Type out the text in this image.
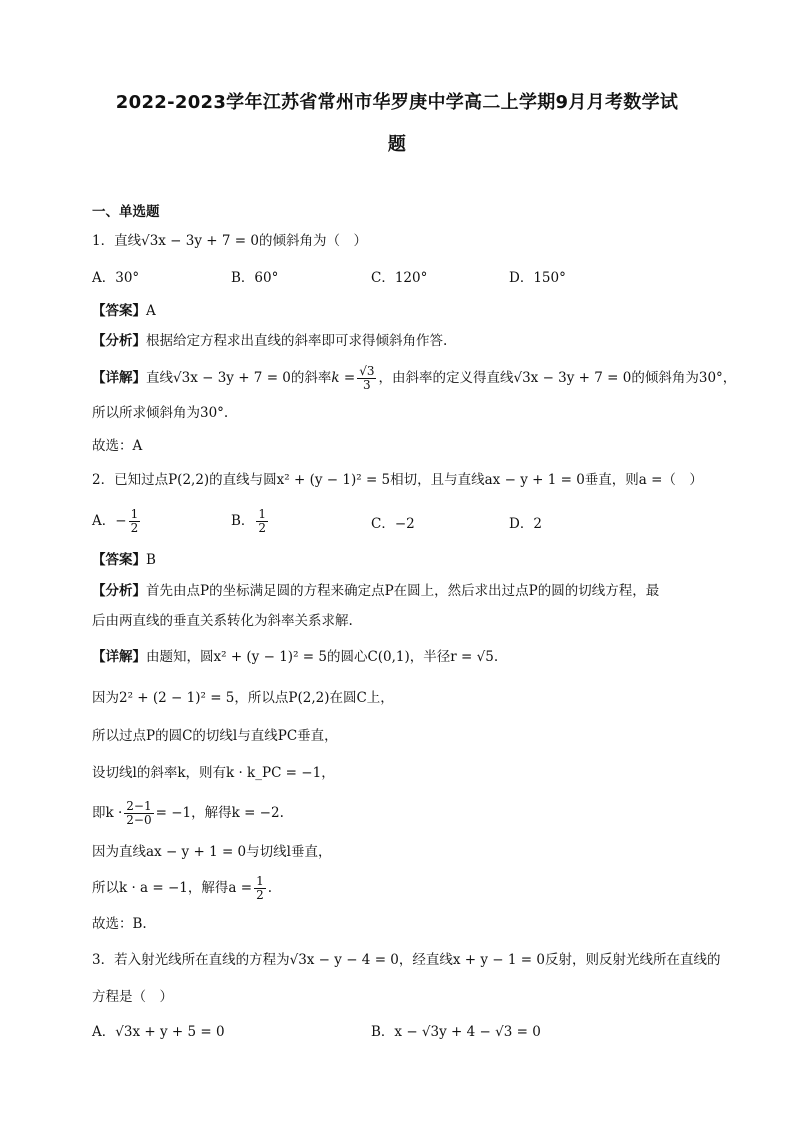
2022-2023学年江苏省常州市华罗庚中学高二上学期9月月考数学试
题
一、单选题
1．直线√3x − 3y + 7 = 0的倾斜角为（　）
A．30°	B．60°	C．120°	D．150°
【答案】A
【分析】根据给定方程求出直线的斜率即可求得倾斜角作答.
【详解】直线√3x − 3y + 7 = 0的斜率$k = \frac{√3}{3}$ ，由斜率的定义得直线√3x − 3y + 7 = 0的倾斜角为30°，
所以所求倾斜角为30°.
故选：A
2．已知过点P(2,2)的直线与圆x² + (y − 1)² = 5相切，且与直线ax − y + 1 = 0垂直，则a =（　）
A．− $\frac{1}{2}$	B． $\frac{1}{2}$	C．−2	D．2
【答案】B
【分析】首先由点P的坐标满足圆的方程来确定点P在圆上，然后求出过点P的圆的切线方程，最
后由两直线的垂直关系转化为斜率关系求解.
【详解】由题知，圆x² + (y − 1)² = 5的圆心C(0,1)，半径r = √5.
因为2² + (2 − 1)² = 5，所以点P(2,2)在圆C上，
所以过点P的圆C的切线l与直线PC垂直，
设切线l的斜率k，则有k · k_PC = −1，
即$k \cdot \frac{2-1}{2-0} = -1$，解得k = −2.
因为直线ax − y + 1 = 0与切线l垂直，
所以k · a = −1，解得$a = \frac{1}{2}$ .
故选：B.
3．若入射光线所在直线的方程为√3x − y − 4 = 0，经直线x + y − 1 = 0反射，则反射光线所在直线的
方程是（　）
A．√3x + y + 5 = 0	B．x − √3y + 4 − √3 = 0
